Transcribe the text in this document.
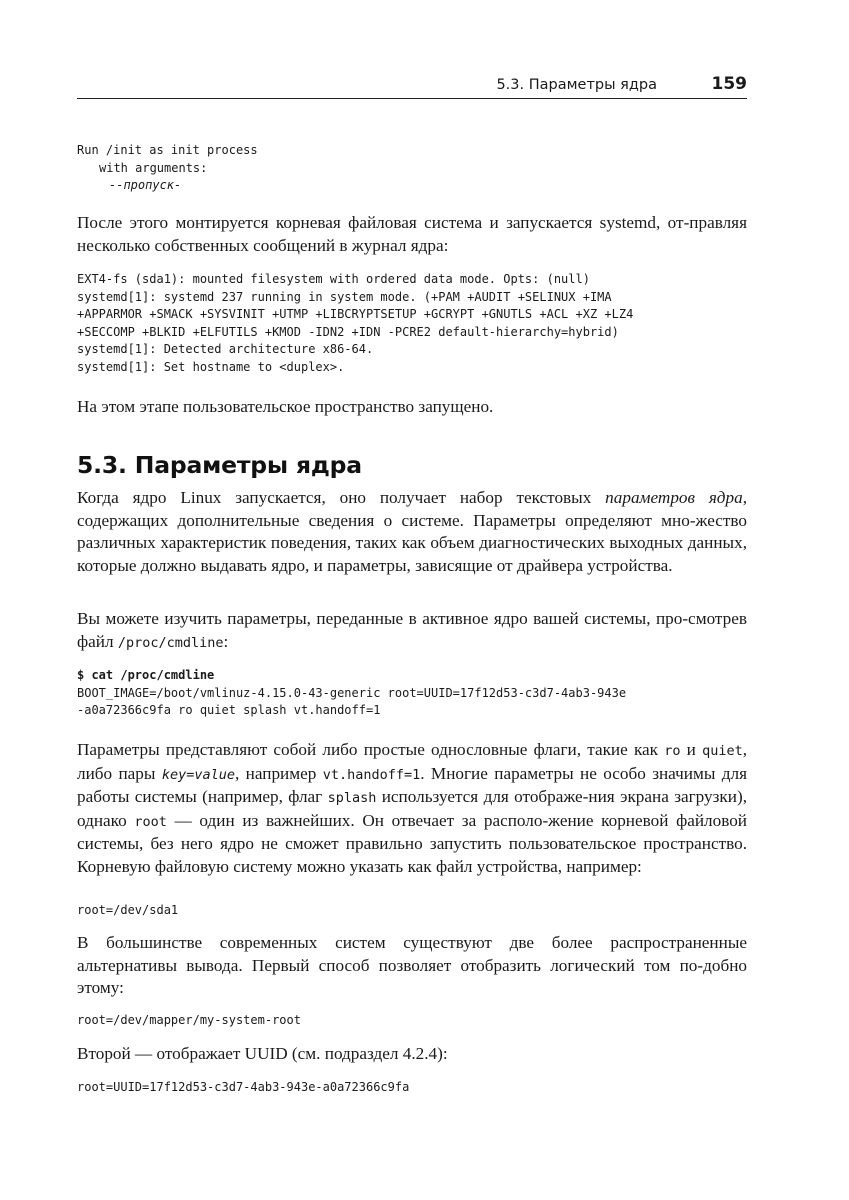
5.3. Параметры ядра	159
Run /init as init process
with arguments:
--пропуск-

После этого монтируется корневая файловая система и запускается systemd, от-правляя несколько собственных сообщений в журнал ядра:

EXT4-fs (sda1): mounted filesystem with ordered data mode. Opts: (null)
systemd[1]: systemd 237 running in system mode. (+PAM +AUDIT +SELINUX +IMA
+APPARMOR +SMACK +SYSVINIT +UTMP +LIBCRYPTSETUP +GCRYPT +GNUTLS +ACL +XZ +LZ4
+SECCOMP +BLKID +ELFUTILS +KMOD -IDN2 +IDN -PCRE2 default-hierarchy=hybrid)
systemd[1]: Detected architecture x86-64.
systemd[1]: Set hostname to <duplex>.

На этом этапе пользовательское пространство запущено.

5.3. Параметры ядра

Когда ядро Linux запускается, оно получает набор текстовых параметров ядра, содержащих дополнительные сведения о системе. Параметры определяют мно-жество различных характеристик поведения, таких как объем диагностических выходных данных, которые должно выдавать ядро, и параметры, зависящие от драйвера устройства.

Вы можете изучить параметры, переданные в активное ядро вашей системы, про-смотрев файл /proc/cmdline:

$ cat /proc/cmdline
BOOT_IMAGE=/boot/vmlinuz-4.15.0-43-generic root=UUID=17f12d53-c3d7-4ab3-943e
-a0a72366c9fa ro quiet splash vt.handoff=1

Параметры представляют собой либо простые однословные флаги, такие как ro и quiet, либо пары key=value, например vt.handoff=1. Многие параметры не особо значимы для работы системы (например, флаг splash используется для отображе-ния экрана загрузки), однако root — один из важнейших. Он отвечает за располо-жение корневой файловой системы, без него ядро не сможет правильно запустить пользовательское пространство. Корневую файловую систему можно указать как файл устройства, например:

root=/dev/sda1

В большинстве современных систем существуют две более распространенные альтернативы вывода. Первый способ позволяет отобразить логический том по-добно этому:

root=/dev/mapper/my-system-root

Второй — отображает UUID (см. подраздел 4.2.4):

root=UUID=17f12d53-c3d7-4ab3-943e-a0a72366c9fa
